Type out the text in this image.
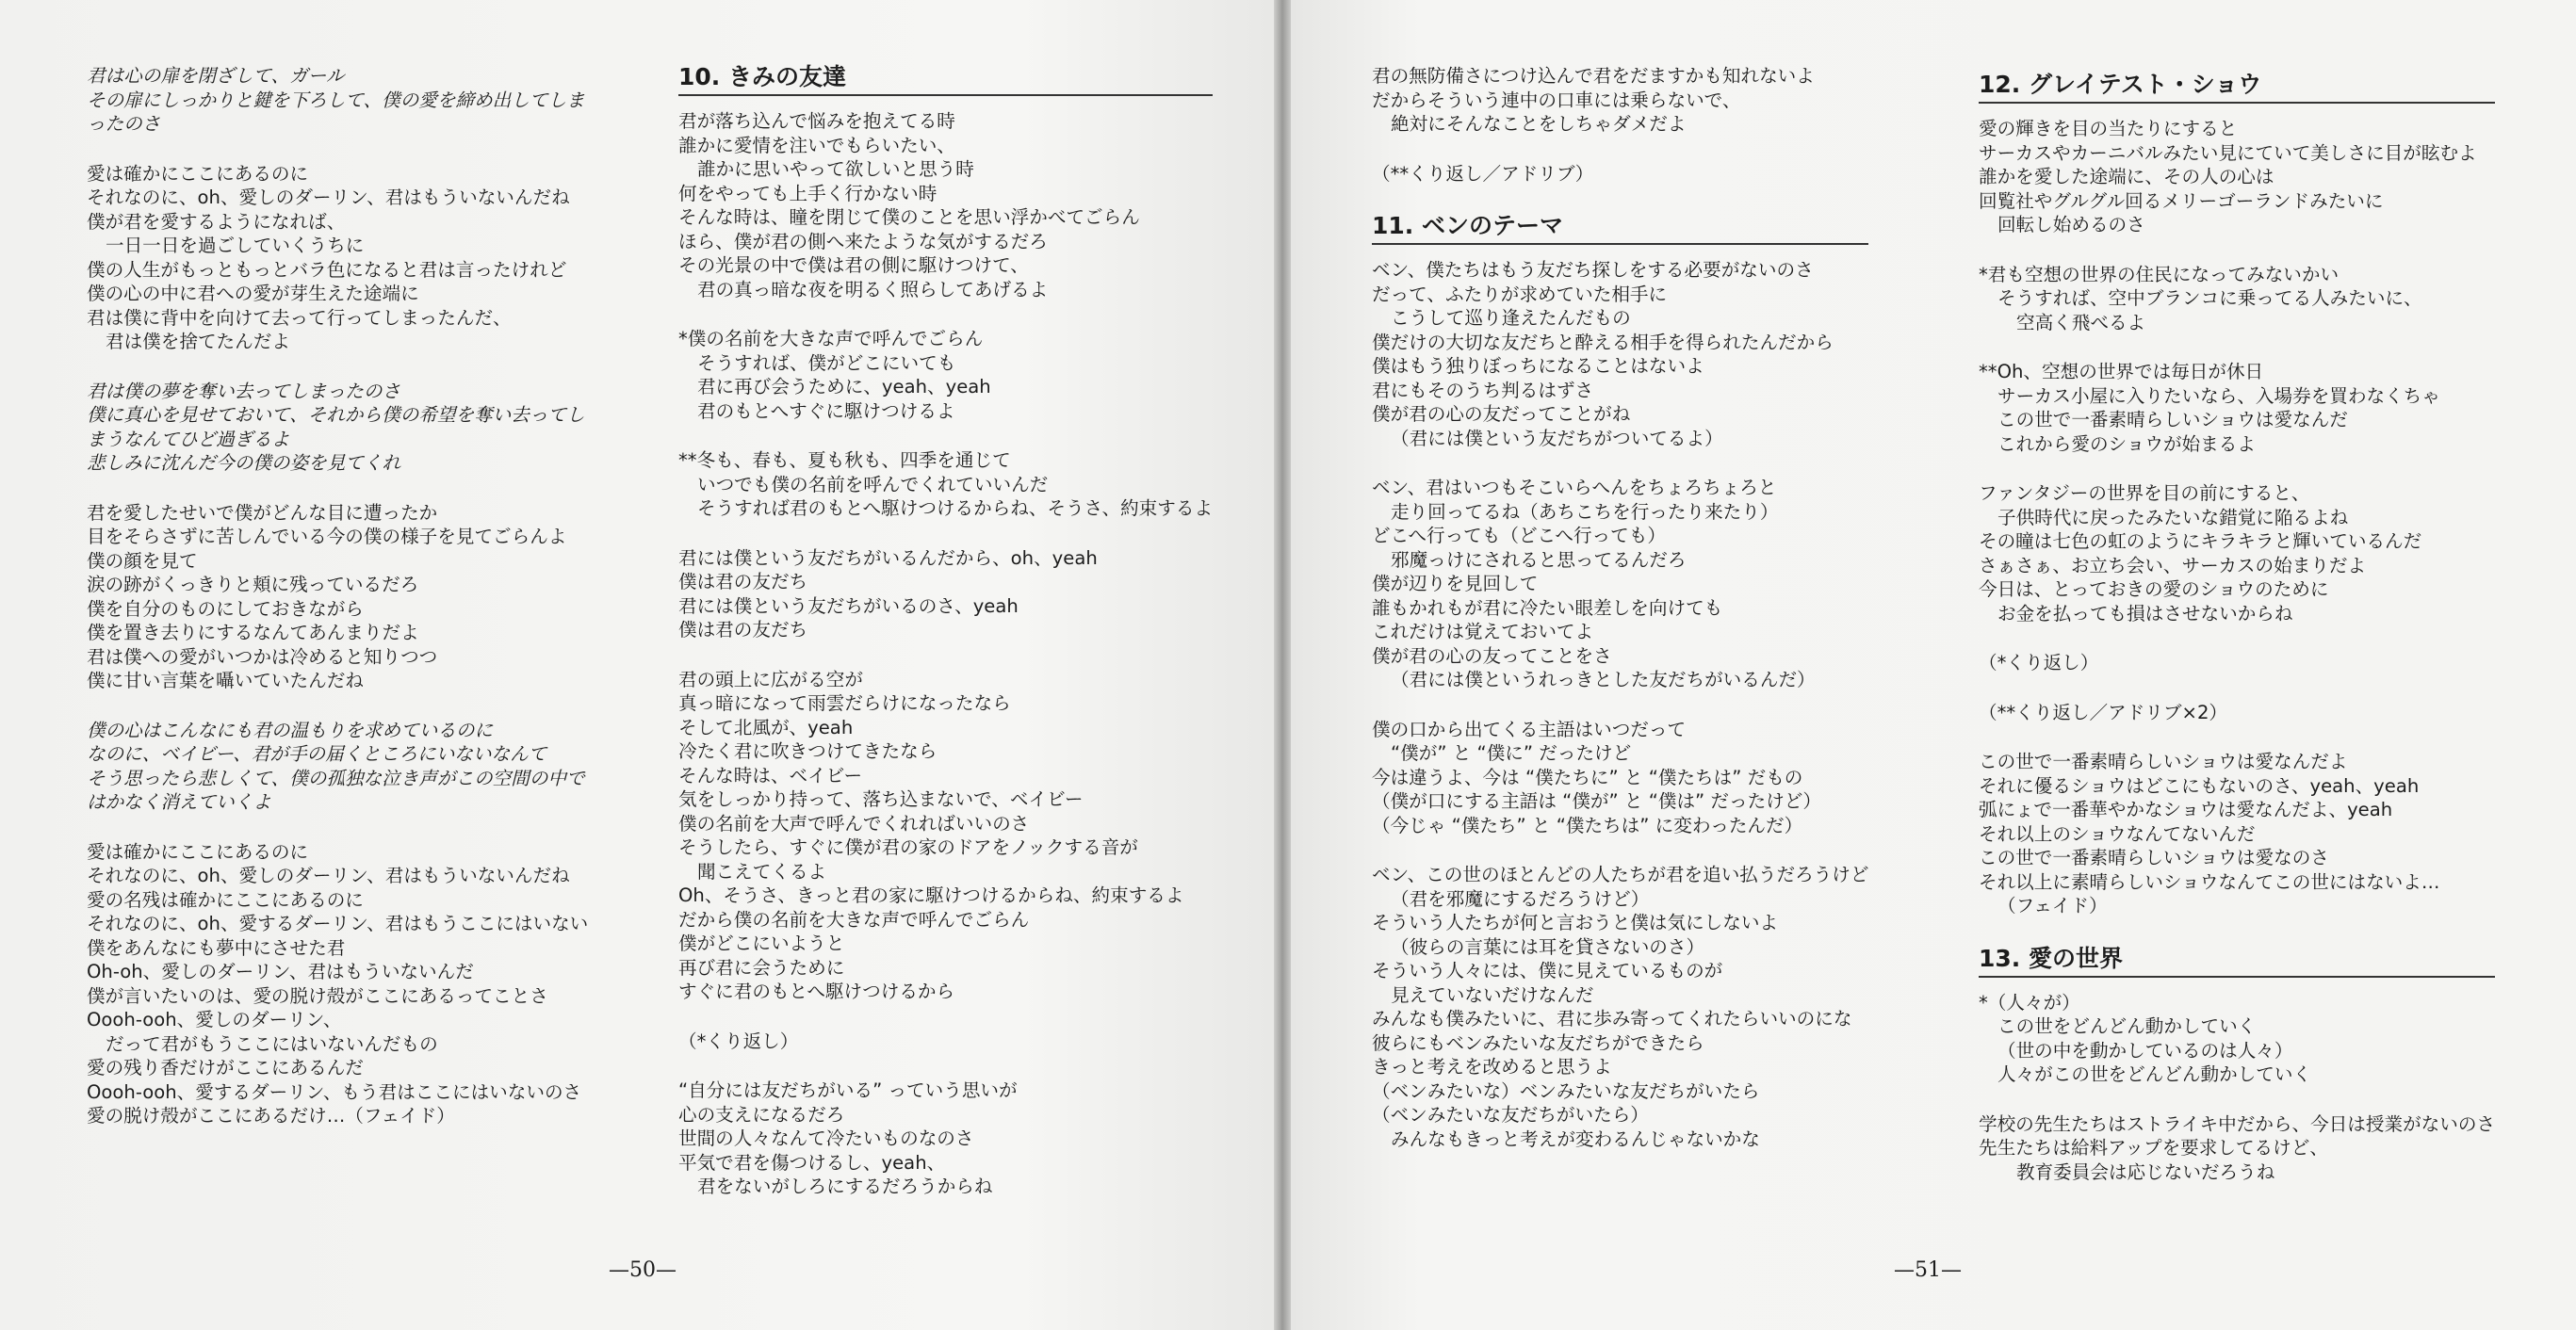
君は心の扉を閉ざして、ガール
その扉にしっかりと鍵を下ろして、僕の愛を締め出してしま
ったのさ
愛は確かにここにあるのに
それなのに、oh、愛しのダーリン、君はもういないんだね
僕が君を愛するようになれば、
一日一日を過ごしていくうちに
僕の人生がもっともっとバラ色になると君は言ったけれど
僕の心の中に君への愛が芽生えた途端に
君は僕に背中を向けて去って行ってしまったんだ、
君は僕を捨てたんだよ
君は僕の夢を奪い去ってしまったのさ
僕に真心を見せておいて、それから僕の希望を奪い去ってし
まうなんてひど過ぎるよ
悲しみに沈んだ今の僕の姿を見てくれ
君を愛したせいで僕がどんな目に遭ったか
目をそらさずに苦しんでいる今の僕の様子を見てごらんよ
僕の顔を見て
涙の跡がくっきりと頬に残っているだろ
僕を自分のものにしておきながら
僕を置き去りにするなんてあんまりだよ
君は僕への愛がいつかは冷めると知りつつ
僕に甘い言葉を囁いていたんだね
僕の心はこんなにも君の温もりを求めているのに
なのに、ベイビー、君が手の届くところにいないなんて
そう思ったら悲しくて、僕の孤独な泣き声がこの空間の中で
はかなく消えていくよ
愛は確かにここにあるのに
それなのに、oh、愛しのダーリン、君はもういないんだね
愛の名残は確かにここにあるのに
それなのに、oh、愛するダーリン、君はもうここにはいない
僕をあんなにも夢中にさせた君
Oh-oh、愛しのダーリン、君はもういないんだ
僕が言いたいのは、愛の脱け殻がここにあるってことさ
Oooh-ooh、愛しのダーリン、
だって君がもうここにはいないんだもの
愛の残り香だけがここにあるんだ
Oooh-ooh、愛するダーリン、もう君はここにはいないのさ
愛の脱け殻がここにあるだけ…（フェイド）
10. きみの友達
君が落ち込んで悩みを抱えてる時
誰かに愛情を注いでもらいたい、
誰かに思いやって欲しいと思う時
何をやっても上手く行かない時
そんな時は、瞳を閉じて僕のことを思い浮かべてごらん
ほら、僕が君の側へ来たような気がするだろ
その光景の中で僕は君の側に駆けつけて、
君の真っ暗な夜を明るく照らしてあげるよ
*僕の名前を大きな声で呼んでごらん
そうすれば、僕がどこにいても
君に再び会うために、yeah、yeah
君のもとへすぐに駆けつけるよ
**冬も、春も、夏も秋も、四季を通じて
いつでも僕の名前を呼んでくれていいんだ
そうすれば君のもとへ駆けつけるからね、そうさ、約束するよ
君には僕という友だちがいるんだから、oh、yeah
僕は君の友だち
君には僕という友だちがいるのさ、yeah
僕は君の友だち
君の頭上に広がる空が
真っ暗になって雨雲だらけになったなら
そして北風が、yeah
冷たく君に吹きつけてきたなら
そんな時は、ベイビー
気をしっかり持って、落ち込まないで、ベイビー
僕の名前を大声で呼んでくれればいいのさ
そうしたら、すぐに僕が君の家のドアをノックする音が
聞こえてくるよ
Oh、そうさ、きっと君の家に駆けつけるからね、約束するよ
だから僕の名前を大きな声で呼んでごらん
僕がどこにいようと
再び君に会うために
すぐに君のもとへ駆けつけるから
（*くり返し）
“自分には友だちがいる” っていう思いが
心の支えになるだろ
世間の人々なんて冷たいものなのさ
平気で君を傷つけるし、yeah、
君をないがしろにするだろうからね
—50—
君の無防備さにつけ込んで君をだますかも知れないよ
だからそういう連中の口車には乗らないで、
絶対にそんなことをしちゃダメだよ
（**くり返し／アドリブ）
11. ベンのテーマ
ベン、僕たちはもう友だち探しをする必要がないのさ
だって、ふたりが求めていた相手に
こうして巡り逢えたんだもの
僕だけの大切な友だちと酔える相手を得られたんだから
僕はもう独りぼっちになることはないよ
君にもそのうち判るはずさ
僕が君の心の友だってことがね
（君には僕という友だちがついてるよ）
ベン、君はいつもそこいらへんをちょろちょろと
走り回ってるね（あちこちを行ったり来たり）
どこへ行っても（どこへ行っても）
邪魔っけにされると思ってるんだろ
僕が辺りを見回して
誰もかれもが君に冷たい眼差しを向けても
これだけは覚えておいてよ
僕が君の心の友ってことをさ
（君には僕というれっきとした友だちがいるんだ）
僕の口から出てくる主語はいつだって
“僕が” と “僕に” だったけど
今は違うよ、今は “僕たちに” と “僕たちは” だもの
（僕が口にする主語は “僕が” と “僕は” だったけど）
（今じゃ “僕たち” と “僕たちは” に変わったんだ）
ベン、この世のほとんどの人たちが君を追い払うだろうけど
（君を邪魔にするだろうけど）
そういう人たちが何と言おうと僕は気にしないよ
（彼らの言葉には耳を貸さないのさ）
そういう人々には、僕に見えているものが
見えていないだけなんだ
みんなも僕みたいに、君に歩み寄ってくれたらいいのにな
彼らにもベンみたいな友だちができたら
きっと考えを改めると思うよ
（ベンみたいな）ベンみたいな友だちがいたら
（ベンみたいな友だちがいたら）
みんなもきっと考えが変わるんじゃないかな
12. グレイテスト・ショウ
愛の輝きを目の当たりにすると
サーカスやカーニバルみたい見にていて美しさに目が眩むよ
誰かを愛した途端に、その人の心は
回覧社やグルグル回るメリーゴーランドみたいに
回転し始めるのさ
*君も空想の世界の住民になってみないかい
そうすれば、空中ブランコに乗ってる人みたいに、
空高く飛べるよ
**Oh、空想の世界では毎日が休日
サーカス小屋に入りたいなら、入場券を買わなくちゃ
この世で一番素晴らしいショウは愛なんだ
これから愛のショウが始まるよ
ファンタジーの世界を目の前にすると、
子供時代に戻ったみたいな錯覚に陥るよね
その瞳は七色の虹のようにキラキラと輝いているんだ
さぁさぁ、お立ち会い、サーカスの始まりだよ
今日は、とっておきの愛のショウのために
お金を払っても損はさせないからね
（*くり返し）
（**くり返し／アドリブ×2）
この世で一番素晴らしいショウは愛なんだよ
それに優るショウはどこにもないのさ、yeah、yeah
弧にょで一番華やかなショウは愛なんだよ、yeah
それ以上のショウなんてないんだ
この世で一番素晴らしいショウは愛なのさ
それ以上に素晴らしいショウなんてこの世にはないよ…
（フェイド）
13. 愛の世界
*（人々が）
この世をどんどん動かしていく
（世の中を動かしているのは人々）
人々がこの世をどんどん動かしていく
学校の先生たちはストライキ中だから、今日は授業がないのさ
先生たちは給料アップを要求してるけど、
教育委員会は応じないだろうね
—51—
